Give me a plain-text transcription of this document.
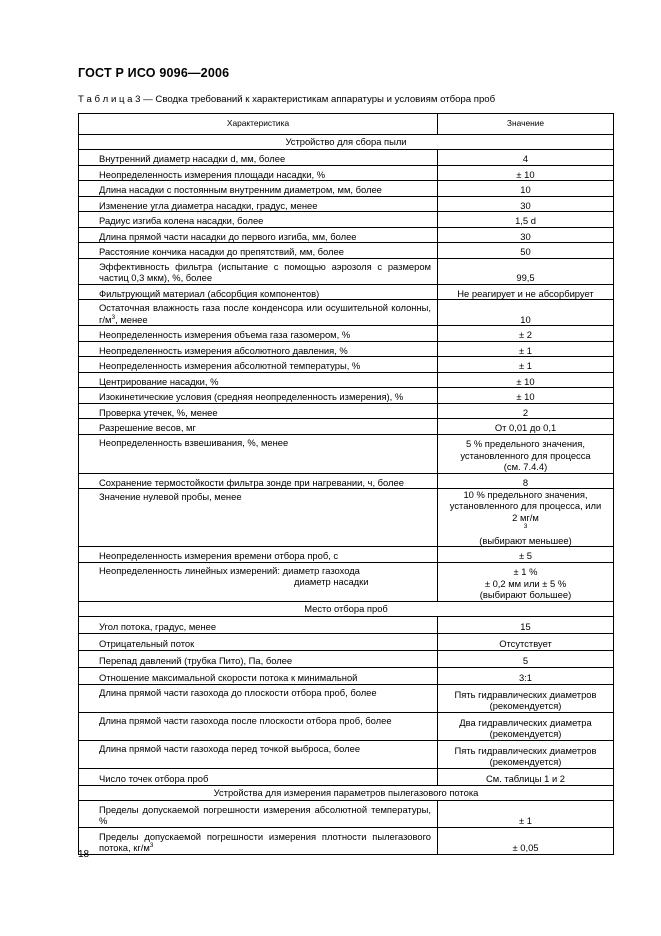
ГОСТ Р ИСО 9096—2006
Т а б л и ц а 3 — Сводка требований к характеристикам аппаратуры и условиям отбора проб
Характеристика	Значение
Устройство для сбора пыли	

Внутренний диаметр насадки d, мм, более	4

Неопределенность измерения площади насадки, %	± 10

Длина насадки с постоянным внутренним диаметром, мм, более	10

Изменение угла диаметра насадки, градус, менее	30

Радиус изгиба колена насадки, более	1,5 d

Длина прямой части насадки до первого изгиба, мм, более	30

Расстояние кончика насадки до препятствий, мм, более	50

Эффективность фильтра (испытание с помощью аэрозоля с размером частиц 0,3 мкм), %, более	99,5

Фильтрующий материал (абсорбция компонентов)	Не реагирует и не абсорбирует

Остаточная влажность газа после конденсора или осушительной колонны, $г/м^3$, менее	10

Неопределенность измерения объема газа газомером, %	± 2

Неопределенность измерения абсолютного давления, %	± 1

Неопределенность измерения абсолютной температуры, %	± 1

Центрирование насадки, %	± 10

Изокинетические условия (средняя неопределенность измерения), %	± 10

Проверка утечек, %, менее	2

Разрешение весов, мг	От 0,01 до 0,1

Неопределенность взвешивания, %, менее	5 % предельного значения,
установленного для процесса
(см. 7.4.4)

Сохранение термостойкости фильтра зонде при нагревании, ч, более	8

Значение нулевой пробы, менее	10 % предельного значения,
установленного для процесса, или
2 мг/м
$^3$
(выбирают меньшее)

Неопределенность измерения времени отбора проб, с	± 5

Неопределенность линейных измерений: диаметр газохода
диаметр насадки	± 1 %
± 0,2 мм или ± 5 %
(выбирают большее)

Место отбора проб	

Угол потока, градус, менее	15

Отрицательный поток	Отсутствует

Перепад давлений (трубка Пито), Па, более	5

Отношение максимальной скорости потока к минимальной	3:1

Длина прямой части газохода до плоскости отбора проб, более	Пять гидравлических диаметров
(рекомендуется)

Длина прямой части газохода после плоскости отбора проб, более	Два гидравлических диаметра
(рекомендуется)

Длина прямой части газохода перед точкой выброса, более	Пять гидравлических диаметров
(рекомендуется)

Число точек отбора проб	См. таблицы 1 и 2
Устройства для измерения параметров пылегазового потока	

Пределы допускаемой погрешности измерения абсолютной температуры, %	± 1

Пределы допускаемой погрешности измерения плотности пылегазового потока, $кг/м^3$	± 0,05
18
